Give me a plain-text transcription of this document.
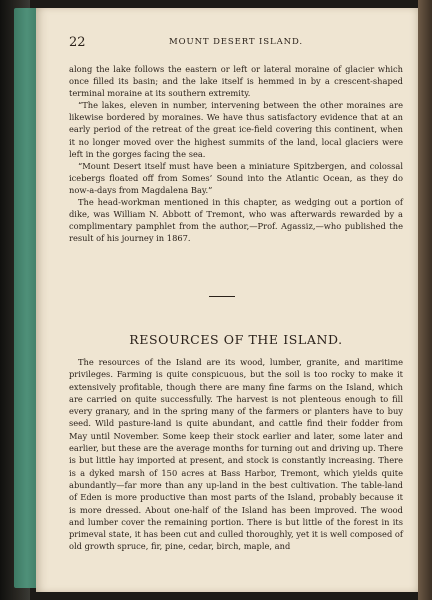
22	MOUNT DESERT ISLAND.

along the lake follows the eastern or left or lateral moraine of glacier which once filled its basin; and the lake itself is hemmed in by a crescent-shaped terminal moraine at its southern extremity.

“The lakes, eleven in number, intervening between the other moraines are likewise bordered by moraines. We have thus satisfactory evidence that at an early period of the retreat of the great ice-field covering this continent, when it no longer moved over the highest summits of the land, local glaciers were left in the gorges facing the sea.

“Mount Desert itself must have been a miniature Spitzbergen, and colossal icebergs floated off from Somes’ Sound into the Atlantic Ocean, as they do now-a-days from Magdalena Bay.”

The head-workman mentioned in this chapter, as wedging out a portion of dike, was William N. Abbott of Tremont, who was afterwards rewarded by a complimentary pamphlet from the author,—Prof. Agassiz,—who published the result of his journey in 1867.

RESOURCES OF THE ISLAND.

The resources of the Island are its wood, lumber, granite, and maritime privileges. Farming is quite conspicuous, but the soil is too rocky to make it extensively profitable, though there are many fine farms on the Island, which are carried on quite successfully. The harvest is not plenteous enough to fill every granary, and in the spring many of the farmers or planters have to buy seed. Wild pasture-land is quite abundant, and cattle find their fodder from May until November. Some keep their stock earlier and later, some later and earlier, but these are the average months for turning out and driving up. There is but little hay imported at present, and stock is constantly increasing. There is a dyked marsh of 150 acres at Bass Harbor, Tremont, which yields quite abundantly—far more than any up-land in the best cultivation. The table-land of Eden is more productive than most parts of the Island, probably because it is more dressed. About one-half of the Island has been improved. The wood and lumber cover the remaining portion. There is but little of the forest in its primeval state, it has been cut and culled thoroughly, yet it is well composed of old growth spruce, fir, pine, cedar, birch, maple, and
